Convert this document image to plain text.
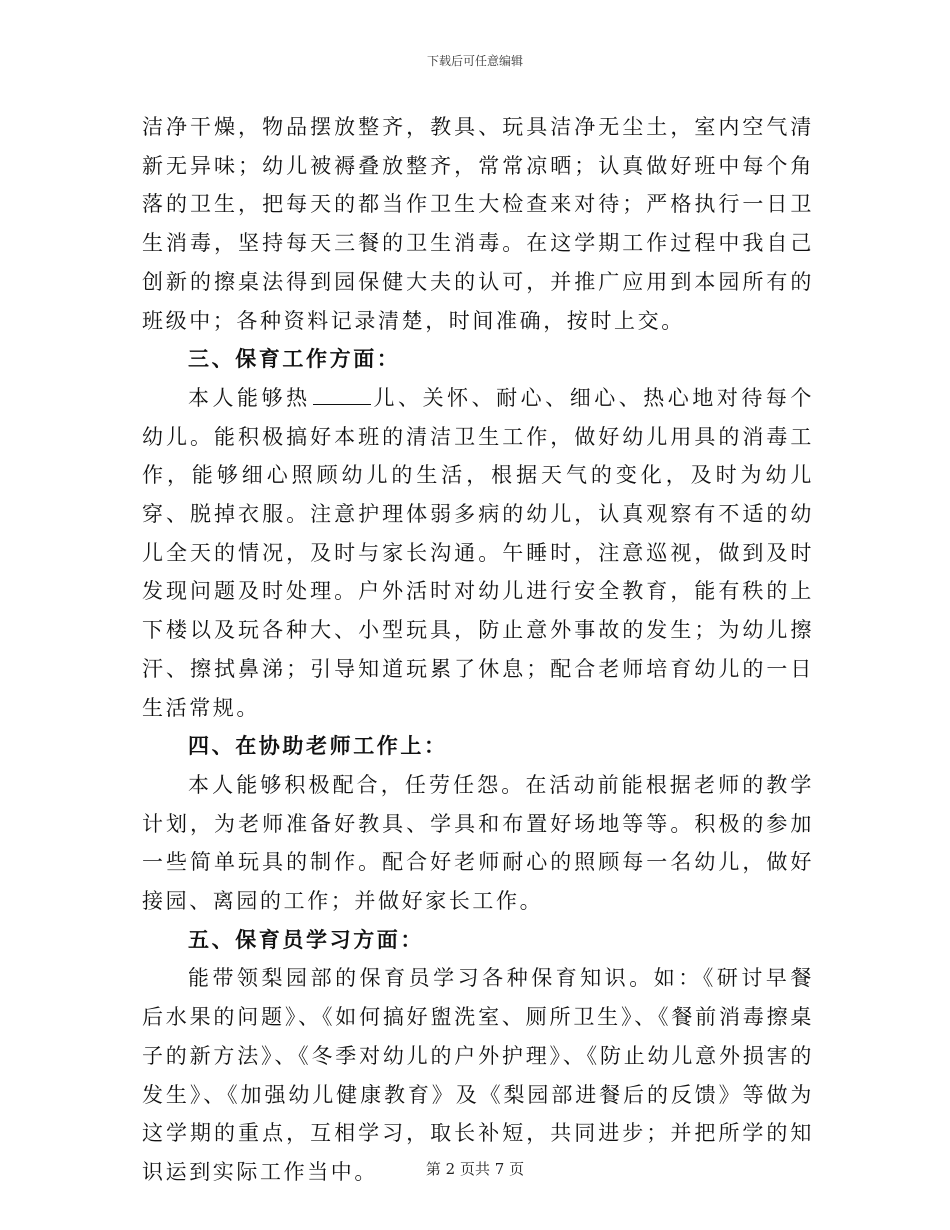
下载后可任意编辑

洁净干燥，物品摆放整齐，教具、玩具洁净无尘土，室内空气清新无异味；幼儿被褥叠放整齐，常常凉晒；认真做好班中每个角落的卫生，把每天的都当作卫生大检查来对待；严格执行一日卫生消毒，坚持每天三餐的卫生消毒。在这学期工作过程中我自己创新的擦桌法得到园保健大夫的认可，并推广应用到本园所有的班级中；各种资料记录清楚，时间准确，按时上交。

三、保育工作方面：

本人能够热	儿、关怀、耐心、细心、热心地对待每个幼儿。能积极搞好本班的清洁卫生工作，做好幼儿用具的消毒工作，能够细心照顾幼儿的生活，根据天气的变化，及时为幼儿穿、脱掉衣服。注意护理体弱多病的幼儿，认真观察有不适的幼儿全天的情况，及时与家长沟通。午睡时，注意巡视，做到及时发现问题及时处理。户外活时对幼儿进行安全教育，能有秩的上下楼以及玩各种大、小型玩具，防止意外事故的发生；为幼儿擦汗、擦拭鼻涕；引导知道玩累了休息；配合老师培育幼儿的一日生活常规。

四、在协助老师工作上：

本人能够积极配合，任劳任怨。在活动前能根据老师的教学计划，为老师准备好教具、学具和布置好场地等等。积极的参加一些简单玩具的制作。配合好老师耐心的照顾每一名幼儿，做好接园、离园的工作；并做好家长工作。

五、保育员学习方面：

能带领梨园部的保育员学习各种保育知识。如：《研讨早餐后水果的问题》、《如何搞好盥洗室、厕所卫生》、《餐前消毒擦桌子的新方法》、《冬季对幼儿的户外护理》、《防止幼儿意外损害的发生》、《加强幼儿健康教育》及《梨园部进餐后的反馈》等做为这学期的重点，互相学习，取长补短，共同进步；并把所学的知识运到实际工作当中。	第 2 页共 7 页
